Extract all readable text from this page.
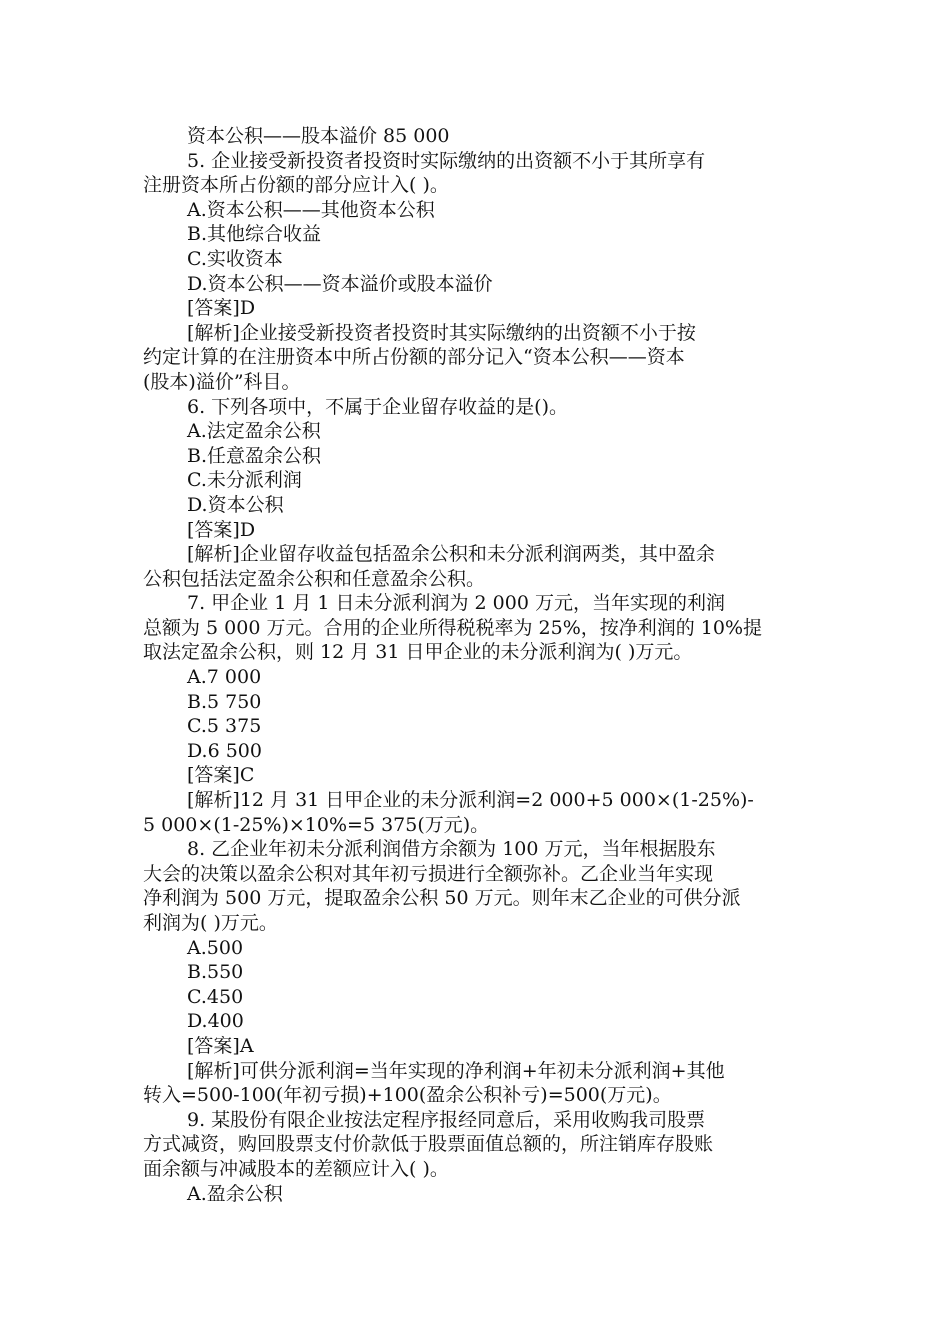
资本公积——股本溢价 85 000
5. 企业接受新投资者投资时实际缴纳的出资额不小于其所享有
注册资本所占份额的部分应计入( )。
A.资本公积——其他资本公积
B.其他综合收益
C.实收资本
D.资本公积——资本溢价或股本溢价
[答案]D
[解析]企业接受新投资者投资时其实际缴纳的出资额不小于按
约定计算的在注册资本中所占份额的部分记入“资本公积——资本
(股本)溢价”科目。
6. 下列各项中，不属于企业留存收益的是()。
A.法定盈余公积
B.任意盈余公积
C.未分派利润
D.资本公积
[答案]D
[解析]企业留存收益包括盈余公积和未分派利润两类，其中盈余
公积包括法定盈余公积和任意盈余公积。
7. 甲企业 1 月 1 日未分派利润为 2 000 万元，当年实现的利润
总额为 5 000 万元。合用的企业所得税税率为 25%，按净利润的 10%提
取法定盈余公积，则 12 月 31 日甲企业的未分派利润为( )万元。
A.7 000
B.5 750
C.5 375
D.6 500
[答案]C
[解析]12 月 31 日甲企业的未分派利润=2 000+5 000×(1-25%)-
5 000×(1-25%)×10%=5 375(万元)。
8. 乙企业年初未分派利润借方余额为 100 万元，当年根据股东
大会的决策以盈余公积对其年初亏损进行全额弥补。乙企业当年实现
净利润为 500 万元，提取盈余公积 50 万元。则年末乙企业的可供分派
利润为( )万元。
A.500
B.550
C.450
D.400
[答案]A
[解析]可供分派利润=当年实现的净利润+年初未分派利润+其他
转入=500-100(年初亏损)+100(盈余公积补亏)=500(万元)。
9. 某股份有限企业按法定程序报经同意后，采用收购我司股票
方式减资，购回股票支付价款低于股票面值总额的，所注销库存股账
面余额与冲减股本的差额应计入( )。
A.盈余公积
